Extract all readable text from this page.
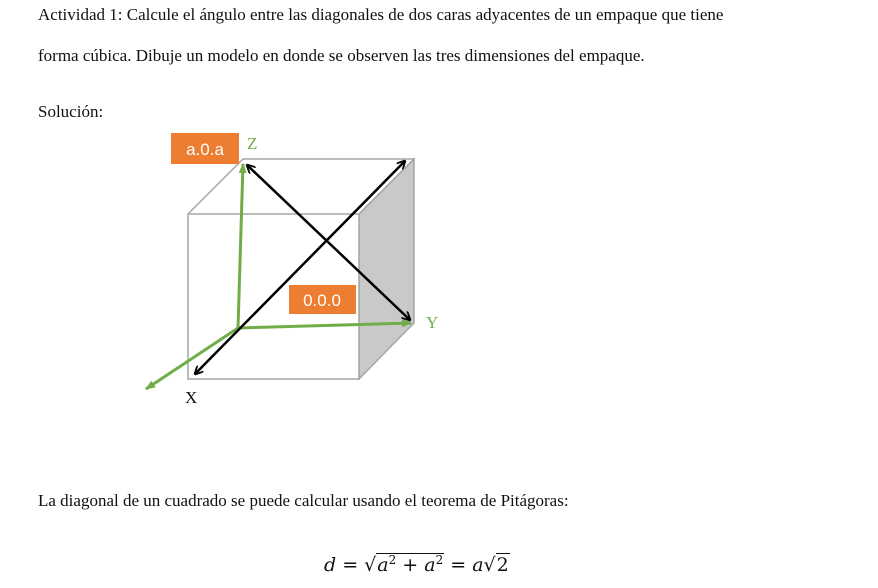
Actividad 1: Calcule el ángulo entre las diagonales de dos caras adyacentes de un empaque que tiene
forma cúbica. Dibuje un modelo en donde se observen las tres dimensiones del empaque.
Solución:
a.0.a
0.0.0
Z
Y
X
La diagonal de un cuadrado se puede calcular usando el teorema de Pitágoras:
$d = √a^2 + a^2 = a√2$
